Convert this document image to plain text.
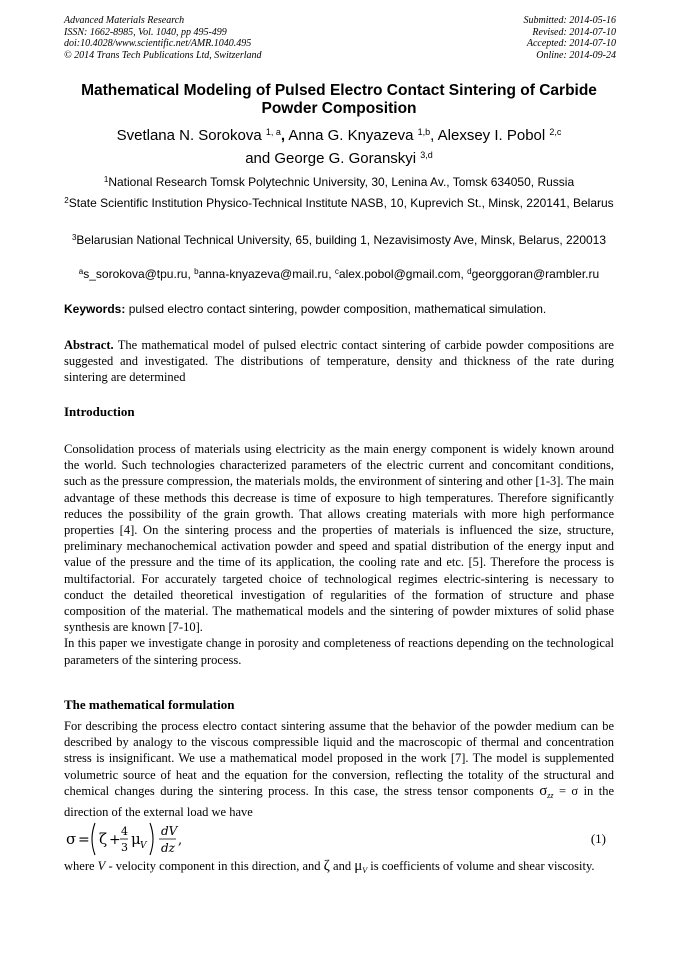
Advanced Materials Research
ISSN: 1662-8985, Vol. 1040, pp 495-499
doi:10.4028/www.scientific.net/AMR.1040.495
© 2014 Trans Tech Publications Ltd, Switzerland
Submitted: 2014-05-16
Revised: 2014-07-10
Accepted: 2014-07-10
Online: 2014-09-24
Mathematical Modeling of Pulsed Electro Contact Sintering of Carbide Powder Composition
Svetlana N. Sorokova $^{1, a}$, Anna G. Knyazeva $^{1,b}$, Alexsey I. Pobol $^{2,c}$
and George G. Goranskyi $^{3,d}$
$^1$National Research Tomsk Polytechnic University, 30, Lenina Av., Tomsk 634050, Russia
$^2$State Scientific Institution Physico-Technical Institute NASB, 10, Kuprevich St., Minsk, 220141, Belarus
$^3$Belarusian National Technical University, 65, building 1, Nezavisimosty Ave, Minsk, Belarus, 220013
$^a$s_sorokova@tpu.ru, $^b$anna-knyazeva@mail.ru, $^c$alex.pobol@gmail.com, $^d$georggoran@rambler.ru
Keywords: pulsed electro contact sintering, powder composition, mathematical simulation.
Abstract. The mathematical model of pulsed electric contact sintering of carbide powder compositions are suggested and investigated. The distributions of temperature, density and thickness of the rate during sintering are determined
Introduction

Consolidation process of materials using electricity as the main energy component is widely known around the world. Such technologies characterized parameters of the electric current and concomitant conditions, such as the pressure compression, the materials molds, the environment of sintering and other [1-3]. The main advantage of these methods this decrease is time of exposure to high temperatures. Therefore significantly reduces the possibility of the grain growth. That allows creating materials with more high performance properties [4]. On the sintering process and the properties of materials is influenced the size, structure, preliminary mechanochemical activation powder and speed and spatial distribution of the energy input and value of the pressure and the time of its application, the cooling rate and etc. [5]. Therefore the process is multifactorial. For accurately targeted choice of technological regimes electric-sintering is necessary to conduct the detailed theoretical investigation of regularities of the formation of structure and phase composition of the material. The mathematical models and the sintering of powder mixtures of solid phase synthesis are known [7-10].

In this paper we investigate change in porosity and completeness of reactions depending on the technological parameters of the sintering process.

The mathematical formulation

For describing the process electro contact sintering assume that the behavior of the powder medium can be described by analogy to the viscous compressible liquid and the macroscopic of thermal and concentration stress is insignificant. We use a mathematical model proposed in the work [7]. The model is supplemented volumetric source of heat and the equation for the conversion, reflecting the totality of the structural and chemical changes during the sintering process. In this case, the stress tensor components $\sigma_{zz} = \sigma$ in the direction of the external load we have

σ = ζ +
4
3 μ V
dV
dz ,	(1)

where V - velocity component in this direction, and ζ and $\mu_V$ is coefficients of volume and shear viscosity.
